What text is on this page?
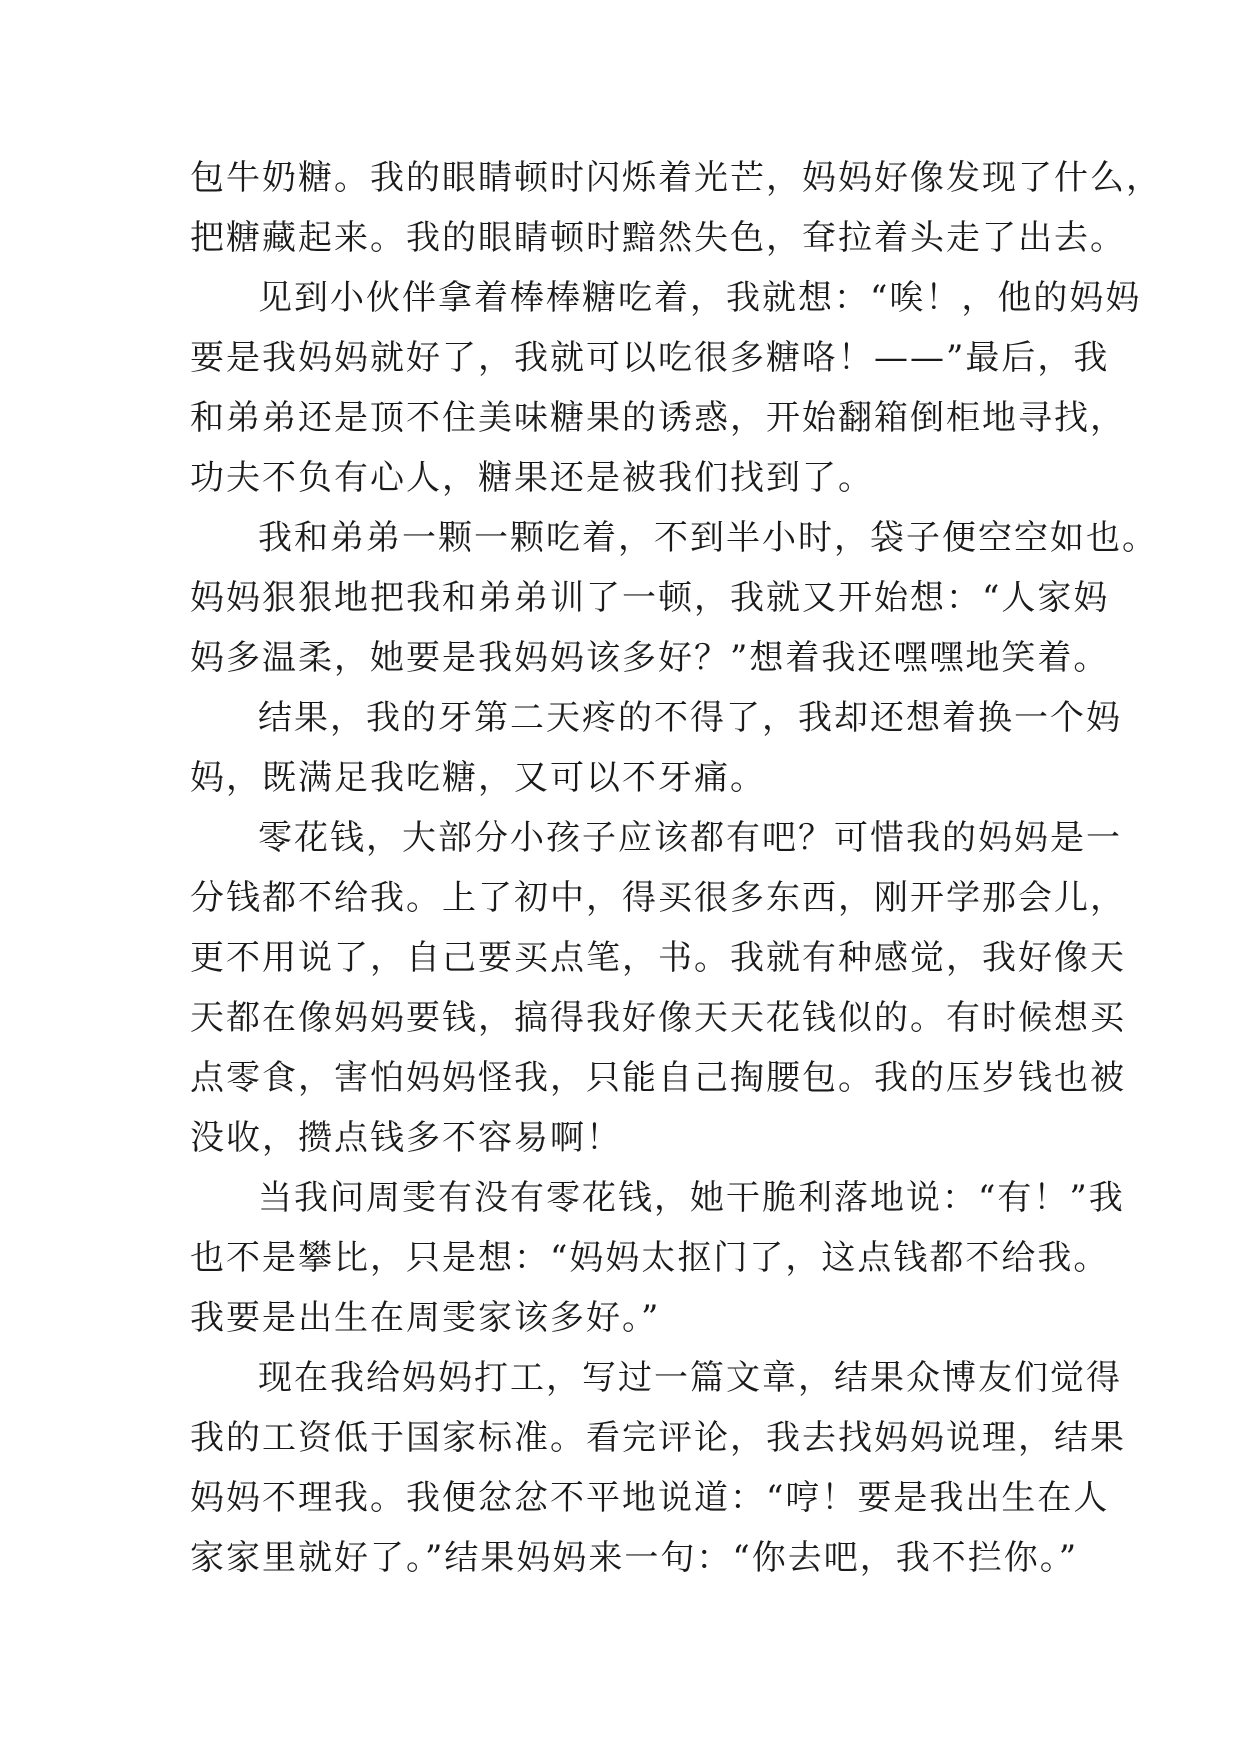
包牛奶糖。我的眼睛顿时闪烁着光芒，妈妈好像发现了什么，
把糖藏起来。我的眼睛顿时黯然失色，耷拉着头走了出去。
见到小伙伴拿着棒棒糖吃着，我就想：“唉！，他的妈妈
要是我妈妈就好了，我就可以吃很多糖咯！——”最后，我
和弟弟还是顶不住美味糖果的诱惑，开始翻箱倒柜地寻找，
功夫不负有心人，糖果还是被我们找到了。
我和弟弟一颗一颗吃着，不到半小时，袋子便空空如也。
妈妈狠狠地把我和弟弟训了一顿，我就又开始想：“人家妈
妈多温柔，她要是我妈妈该多好？”想着我还嘿嘿地笑着。
结果，我的牙第二天疼的不得了，我却还想着换一个妈
妈，既满足我吃糖，又可以不牙痛。
零花钱，大部分小孩子应该都有吧？可惜我的妈妈是一
分钱都不给我。上了初中，得买很多东西，刚开学那会儿，
更不用说了，自己要买点笔，书。我就有种感觉，我好像天
天都在像妈妈要钱，搞得我好像天天花钱似的。有时候想买
点零食，害怕妈妈怪我，只能自己掏腰包。我的压岁钱也被
没收，攒点钱多不容易啊！
当我问周雯有没有零花钱，她干脆利落地说：“有！”我
也不是攀比，只是想：“妈妈太抠门了，这点钱都不给我。
我要是出生在周雯家该多好。”
现在我给妈妈打工，写过一篇文章，结果众博友们觉得
我的工资低于国家标准。看完评论，我去找妈妈说理，结果
妈妈不理我。我便忿忿不平地说道：“哼！要是我出生在人
家家里就好了。”结果妈妈来一句：“你去吧，我不拦你。”
